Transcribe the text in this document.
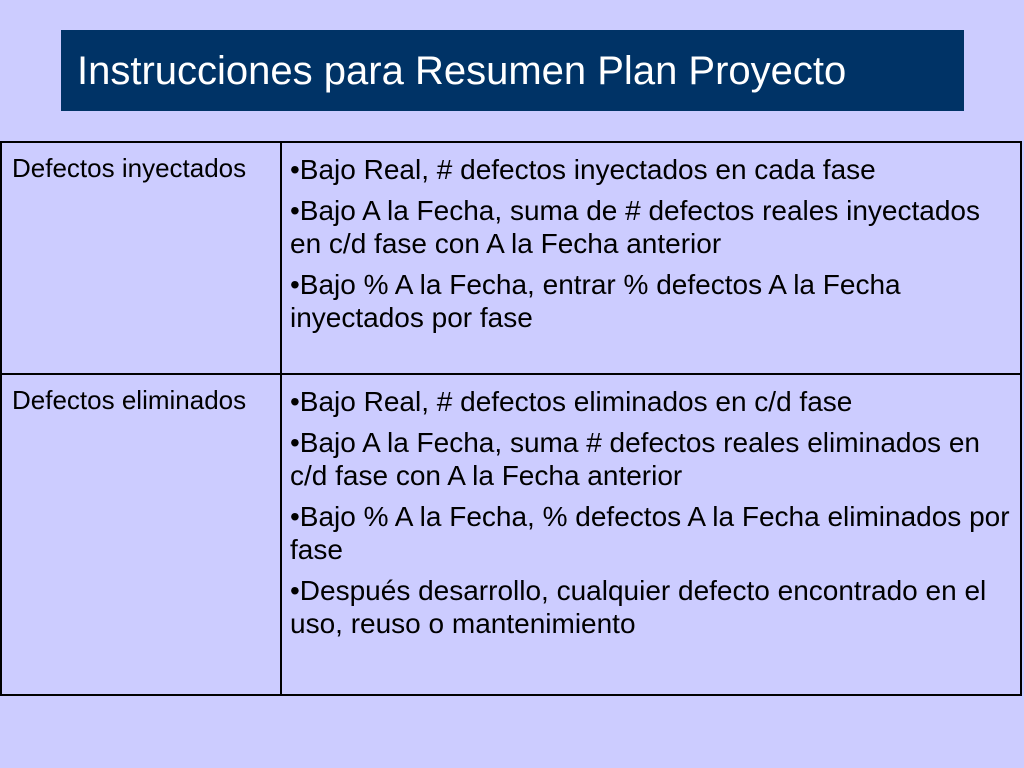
Instrucciones para Resumen Plan Proyecto
Defectos inyectados	•Bajo Real, # defectos inyectados en cada fase
•Bajo A la Fecha, suma de # defectos reales inyectados en c/d fase con A la Fecha anterior
•Bajo % A la Fecha, entrar % defectos A la Fecha inyectados por fase

Defectos eliminados	•Bajo Real, # defectos eliminados en c/d fase
•Bajo A la Fecha, suma # defectos reales eliminados en c/d fase con A la Fecha anterior
•Bajo % A la Fecha, % defectos A la Fecha eliminados por fase
•Después desarrollo, cualquier defecto encontrado en el uso, reuso o mantenimiento
